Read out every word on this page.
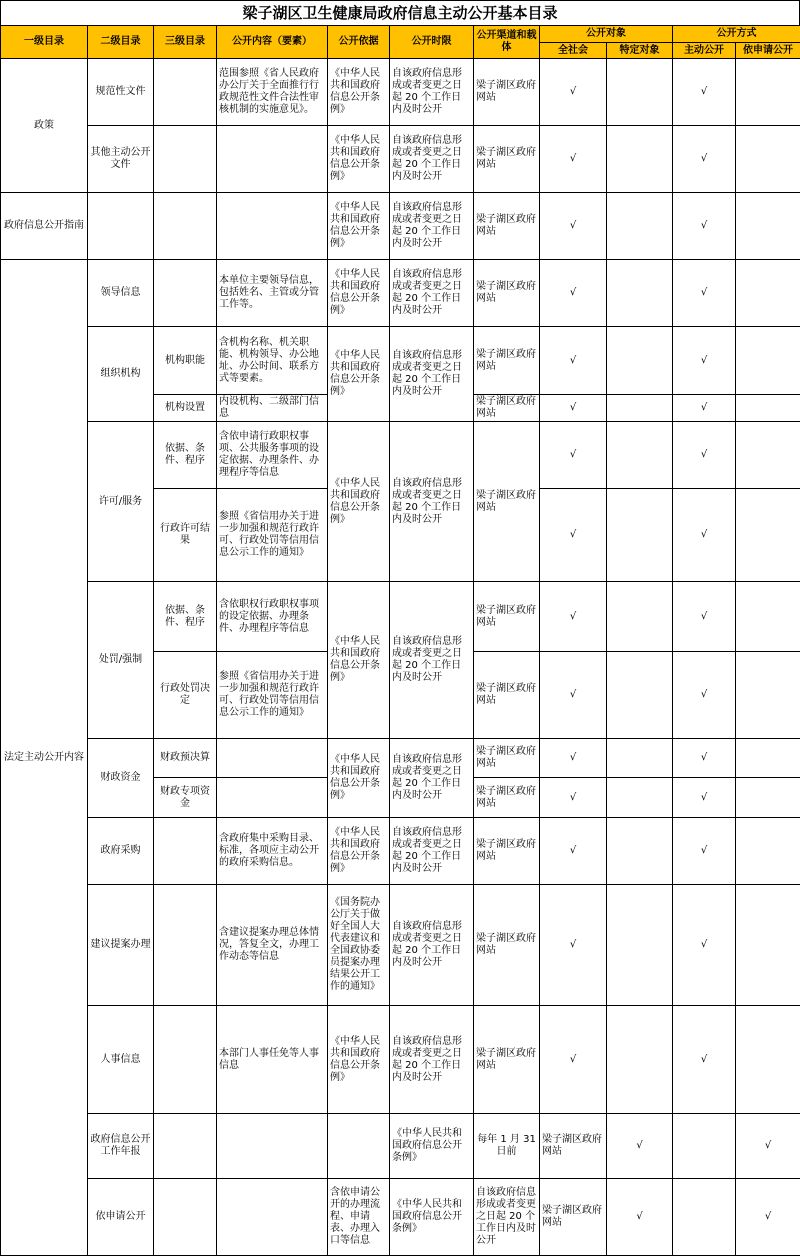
梁子湖区卫生健康局政府信息主动公开基本目录
一级目录	二级目录	三级目录	公开内容（要素）	公开依据	公开时限	公开渠道和载体	公开对象		公开方式		
							全社会	特定对象	主动公开	依申请公开	
政策	规范性文件		范围参照《省人民政府办公厅关于全面推行行政规范性文件合法性审核机制的实施意见》。	《中华人民共和国政府信息公开条例》	自该政府信息形成或者变更之日起 20 个工作日内及时公开	梁子湖区政府网站	√		√		
	其他主动公开文件			《中华人民共和国政府信息公开条例》	自该政府信息形成或者变更之日起 20 个工作日内及时公开	梁子湖区政府网站	√		√		
政府信息公开指南				《中华人民共和国政府信息公开条例》	自该政府信息形成或者变更之日起 20 个工作日内及时公开	梁子湖区政府网站	√		√		
法定主动公开内容	领导信息		本单位主要领导信息，包括姓名、主管或分管工作等。	《中华人民共和国政府信息公开条例》	自该政府信息形成或者变更之日起 20 个工作日内及时公开	梁子湖区政府网站	√		√		
	组织机构	机构职能	含机构名称、机关职能、机构领导、办公地址、办公时间、联系方式等要素。	《中华人民共和国政府信息公开条例》	自该政府信息形成或者变更之日起 20 个工作日内及时公开	梁子湖区政府网站	√		√		
		机构设置	内设机构、二级部门信息			梁子湖区政府网站	√		√		
	许可/服务	依据、条件、程序	含依申请行政职权事项、公共服务事项的设定依据、办理条件、办理程序等信息	《中华人民共和国政府信息公开条例》	自该政府信息形成或者变更之日起 20 个工作日内及时公开	梁子湖区政府网站	√		√		
		行政许可结果	参照《省信用办关于进一步加强和规范行政许可、行政处罚等信用信息公示工作的通知》				√		√		
	处罚/强制	依据、条件、程序	含依职权行政职权事项的设定依据、办理条件、办理程序等信息	《中华人民共和国政府信息公开条例》	自该政府信息形成或者变更之日起 20 个工作日内及时公开	梁子湖区政府网站	√		√		
		行政处罚决定	参照《省信用办关于进一步加强和规范行政许可、行政处罚等信用信息公示工作的通知》			梁子湖区政府网站	√		√		
	财政资金	财政预决算		《中华人民共和国政府信息公开条例》	自该政府信息形成或者变更之日起 20 个工作日内及时公开	梁子湖区政府网站	√		√		
		财政专项资金				梁子湖区政府网站	√		√		
	政府采购		含政府集中采购目录、标准，各项应主动公开的政府采购信息。	《中华人民共和国政府信息公开条例》	自该政府信息形成或者变更之日起 20 个工作日内及时公开	梁子湖区政府网站	√		√		
	建议提案办理		含建议提案办理总体情况，答复全文，办理工作动态等信息	《国务院办公厅关于做好全国人大代表建议和全国政协委员提案办理结果公开工作的通知》	自该政府信息形成或者变更之日起 20 个工作日内及时公开	梁子湖区政府网站	√		√		
	人事信息		本部门人事任免等人事信息	《中华人民共和国政府信息公开条例》	自该政府信息形成或者变更之日起 20 个工作日内及时公开	梁子湖区政府网站	√		√		
	政府信息公开工作年报				《中华人民共和国政府信息公开条例》	每年 1 月 31 日前	梁子湖区政府网站	√		√	
	依申请公开			含依申请公开的办理流程、申请表、办理入口等信息	《中华人民共和国政府信息公开条例》	自该政府信息形成或者变更之日起 20 个工作日内及时公开	梁子湖区政府网站	√		√	
